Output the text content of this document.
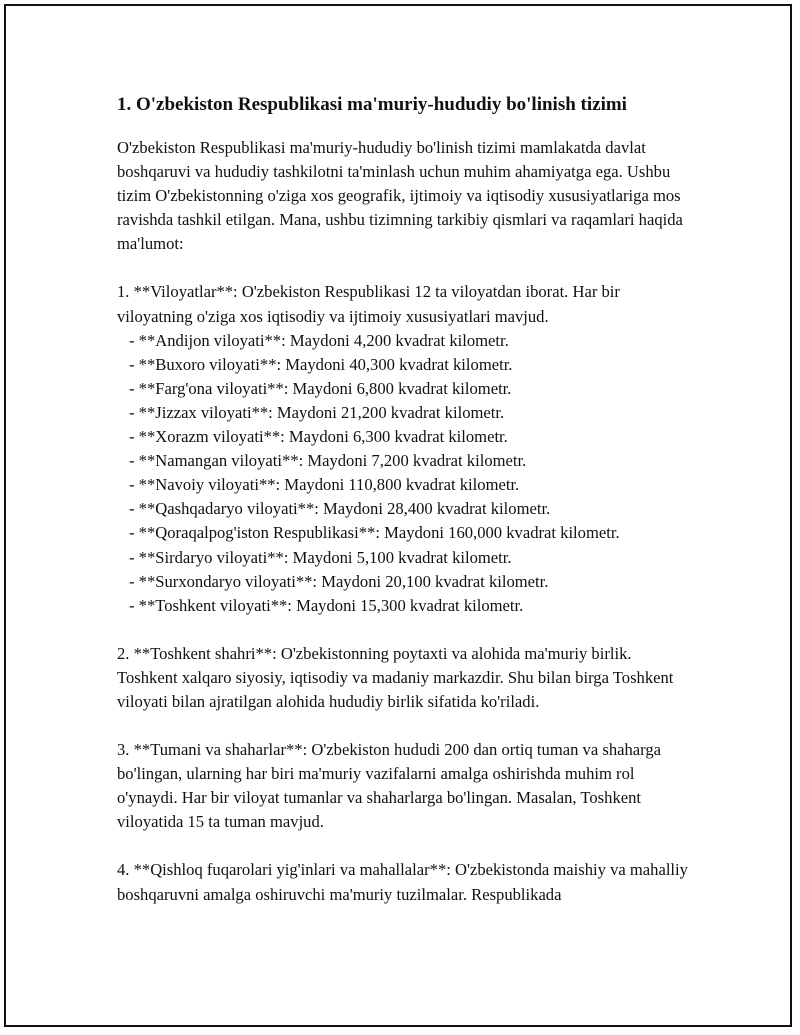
1. O'zbekiston Respublikasi ma'muriy-hududiy bo'linish tizimi

O'zbekiston Respublikasi ma'muriy-hududiy bo'linish tizimi mamlakatda davlat boshqaruvi va hududiy tashkilotni ta'minlash uchun muhim ahamiyatga ega. Ushbu tizim O'zbekistonning o'ziga xos geografik, ijtimoiy va iqtisodiy xususiyatlariga mos ravishda tashkil etilgan. Mana, ushbu tizimning tarkibiy qismlari va raqamlari haqida ma'lumot:

1. **Viloyatlar**: O'zbekiston Respublikasi 12 ta viloyatdan iborat. Har bir viloyatning o'ziga xos iqtisodiy va ijtimoiy xususiyatlari mavjud.

- **Andijon viloyati**: Maydoni 4,200 kvadrat kilometr.
- **Buxoro viloyati**: Maydoni 40,300 kvadrat kilometr.
- **Farg'ona viloyati**: Maydoni 6,800 kvadrat kilometr.
- **Jizzax viloyati**: Maydoni 21,200 kvadrat kilometr.
- **Xorazm viloyati**: Maydoni 6,300 kvadrat kilometr.
- **Namangan viloyati**: Maydoni 7,200 kvadrat kilometr.
- **Navoiy viloyati**: Maydoni 110,800 kvadrat kilometr.
- **Qashqadaryo viloyati**: Maydoni 28,400 kvadrat kilometr.
- **Qoraqalpog'iston Respublikasi**: Maydoni 160,000 kvadrat kilometr.
- **Sirdaryo viloyati**: Maydoni 5,100 kvadrat kilometr.
- **Surxondaryo viloyati**: Maydoni 20,100 kvadrat kilometr.
- **Toshkent viloyati**: Maydoni 15,300 kvadrat kilometr.

2. **Toshkent shahri**: O'zbekistonning poytaxti va alohida ma'muriy birlik. Toshkent xalqaro siyosiy, iqtisodiy va madaniy markazdir. Shu bilan birga Toshkent viloyati bilan ajratilgan alohida hududiy birlik sifatida ko'riladi.

3. **Tumani va shaharlar**: O'zbekiston hududi 200 dan ortiq tuman va shaharga bo'lingan, ularning har biri ma'muriy vazifalarni amalga oshirishda muhim rol o'ynaydi. Har bir viloyat tumanlar va shaharlarga bo'lingan. Masalan, Toshkent viloyatida 15 ta tuman mavjud.

4. **Qishloq fuqarolari yig'inlari va mahallalar**: O'zbekistonda maishiy va mahalliy boshqaruvni amalga oshiruvchi ma'muriy tuzilmalar. Respublikada
